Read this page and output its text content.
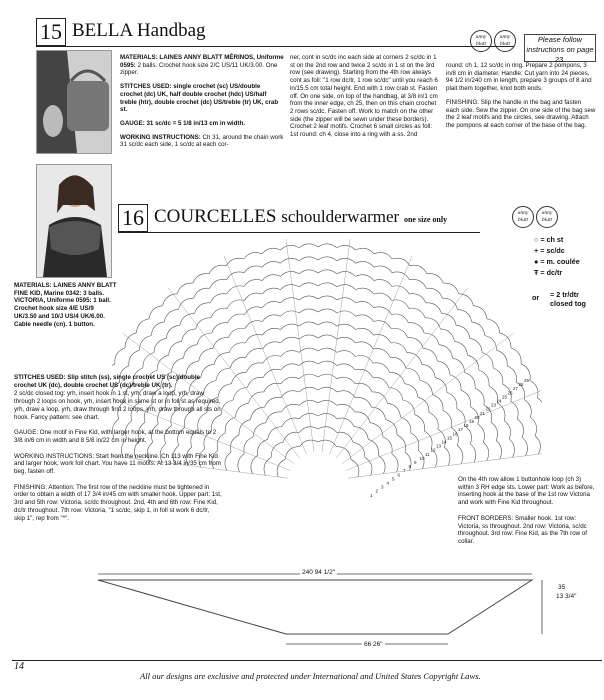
15 BELLA Handbag	anny blatt
anny blatt	Please follow instructions on page 23.
MATERIALS: LAINES ANNY BLATT MÉRINOS, Uniforme 0595: 2 balls. Crochet hook size 2/C US/11 UK/3.00. One zipper.
STITCHES USED: single crochet (sc) US/double crochet (dc) UK, half double crochet (hdc) US/half treble (htr), double crochet (dc) US/treble (tr) UK, crab st.
GAUGE: 31 sc/dc = 5 1/8 in/13 cm in width.
WORKING INSTRUCTIONS: Ch 31, around the chain work 31 sc/dc each side, 1 sc/dc at each cor-
ner, cont in sc/dc inc each side at corners 2 sc/dc in 1 st on the 2nd row and twice 2 sc/dc in 1 st on the 3rd row (see drawing). Starting from the 4th row always cont as foll: "1 row dc/tr, 1 row sc/dc" until you reach 6 in/15.5 cm total height. End with 1 row crab st. Fasten off. On one side, on top of the handbag, at 3/8 in/1 cm from the inner edge, ch 25, then on this chain crochet 2 rows sc/dc. Fasten off. Work to match on the other side (the zipper will be sewn under these borders). Crochet 2 leaf motifs. Crochet 6 small circles as foll: 1st round: ch 4, close into a ring with a ss. 2nd
round: ch 1, 12 sc/dc in ring. Prepare 2 pompons, 3 in/8 cm in diameter. Handle: Cut yarn into 24 pieces, 94 1/2 in/240 cm in length, prepare 3 groups of 8 and plait them together, knot both ends.
FINISHING: Slip the handle in the bag and fasten each side. Sew the zipper. On one side of the bag sew the 2 leaf motifs and the circles, see drawing. Attach the pompons at each corner of the base of the bag.
16 COURCELLES schoulderwarmer one size only
anny blatt
anny blatt
○ = ch st
+ = sc/dc
● = m. coulée
Ŧ = dc/tr
or = 2 tr/dtr closed tog
29
28
27
26
25
24
23
22
21
20
19
18
17
16
15
14
13
12
11
10
9
8
7
6
5
4
3
2
1
MATERIALS: LAINES ANNY BLATT FINE KID, Marine 0342: 3 balls. VICTORIA, Uniforme 0595: 1 ball. Crochet hook size 4/E US/9 UK/3.50 and 10/J US/4 UK/6.00. Cable needle (cn). 1 button.
STITCHES USED: Slip stitch (ss), single crochet US (sc)/double crochet UK (dc), double crochet US (dc)/treble UK (tr).
2 sc/dc closed tog: yrh, insert hook in 1 st, yrh, draw a loop, yrh, draw through 2 loops on hook, yrh, insert hook in same st or in foll st as required, yrh, draw a loop, yrh, draw through first 2 loops, yrh, draw through all sts on hook. Fancy pattern: see chart.
GAUGE: One motif in Fine Kid, with larger hook, at the bottom equals to 2 3/8 in/6 cm in width and 8 5/8 in/22 cm in height.
WORKING INSTRUCTIONS: Start from the neckline. Ch 113 with Fine Kid and larger hook, work foll chart. You have 11 motifs. At 13 3/4 in/35 cm from beg, fasten off.
FINISHING: Attention: The first row of the neckline must be tightened in order to obtain a width of 17 3/4 in/45 cm with smaller hook. Upper part: 1st, 3rd and 5th row: Victoria, sc/dc throughout. 2nd, 4th and 6th row: Fine Kid, dc/tr throughout. 7th row: Victoria, "1 sc/dc, skip 1, in foll st work 6 dc/tr, skip 1", rep from "*".
On the 4th row allow 1 buttonhole loop (ch 3) within 3 RH edge sts. Lower part: Work as before, inserting hook at the base of the 1st row Victoria and work with Fine Kid throughout.
FRONT BORDERS: Smaller hook. 1st row: Victoria, ss throughout. 2nd row: Victoria, sc/dc throughout. 3rd row: Fine Kid, as the 7th row of collar.
240 94 1/2"
66 26"
35
13 3/4"
14
All our designs are exclusive and protected under International and United States Copyright Laws.
